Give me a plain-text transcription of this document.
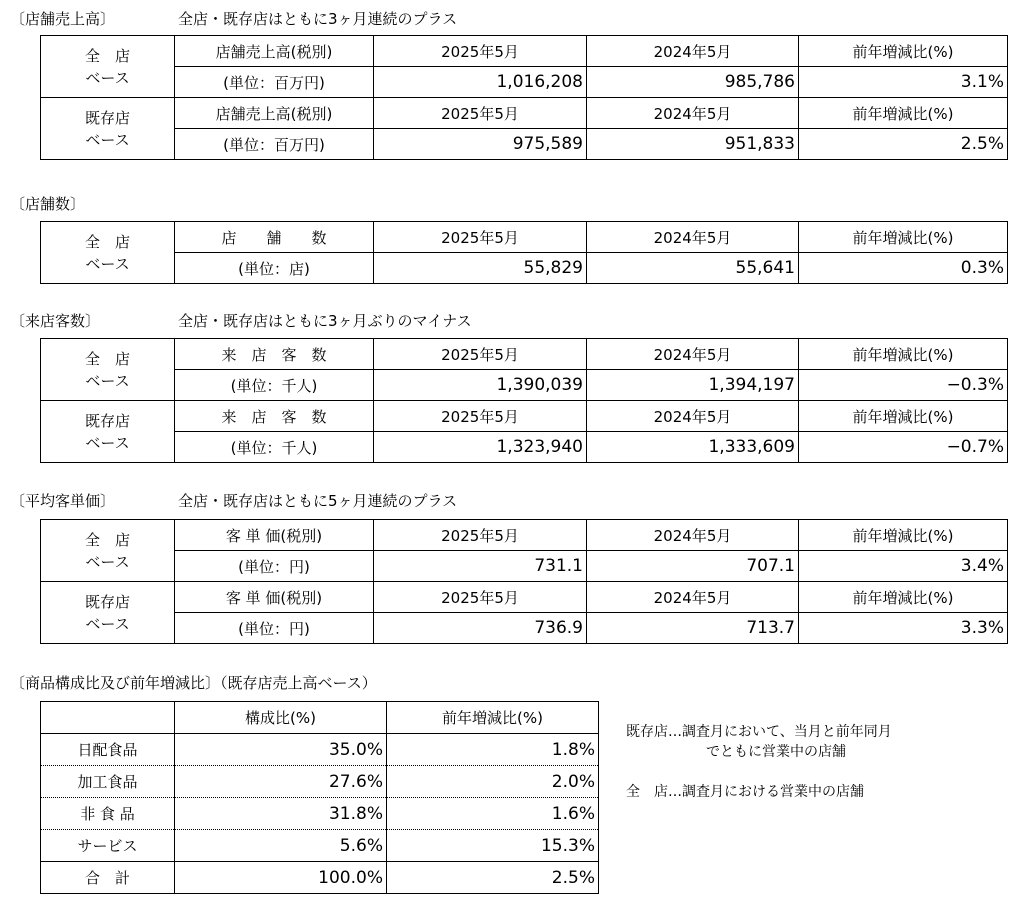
〔店舗売上高〕	全店・既存店はともに3ヶ月連続のプラス
全　店
ベース	店舗売上高(税別)	2025年5月	2024年5月	前年増減比(%)
	(単位：百万円)	1,016,208	985,786	3.1%
既存店
ベース	店舗売上高(税別)	2025年5月	2024年5月	前年増減比(%)
	(単位：百万円)	975,589	951,833	2.5%
〔店舗数〕
全　店
ベース	店　　舗　　数	2025年5月	2024年5月	前年増減比(%)
	(単位：店)	55,829	55,641	0.3%
〔来店客数〕	全店・既存店はともに3ヶ月ぶりのマイナス
全　店
ベース	来　店　客　数	2025年5月	2024年5月	前年増減比(%)
	(単位：千人)	1,390,039	1,394,197	−0.3%
既存店
ベース	来　店　客　数	2025年5月	2024年5月	前年増減比(%)
	(単位：千人)	1,323,940	1,333,609	−0.7%
〔平均客単価〕	全店・既存店はともに5ヶ月連続のプラス
全　店
ベース	客 単 価(税別)	2025年5月	2024年5月	前年増減比(%)
	(単位：円)	731.1	707.1	3.4%
既存店
ベース	客 単 価(税別)	2025年5月	2024年5月	前年増減比(%)
	(単位：円)	736.9	713.7	3.3%
〔商品構成比及び前年増減比〕（既存店売上高ベース）
	構成比(%)	前年増減比(%)
日配食品	35.0%	1.8%
加工食品	27.6%	2.0%
非 食 品	31.8%	1.6%
サービス	5.6%	15.3%
合　計	100.0%	2.5%
既存店…調査月において、当月と前年同月
でともに営業中の店舗
全　店…調査月における営業中の店舗
